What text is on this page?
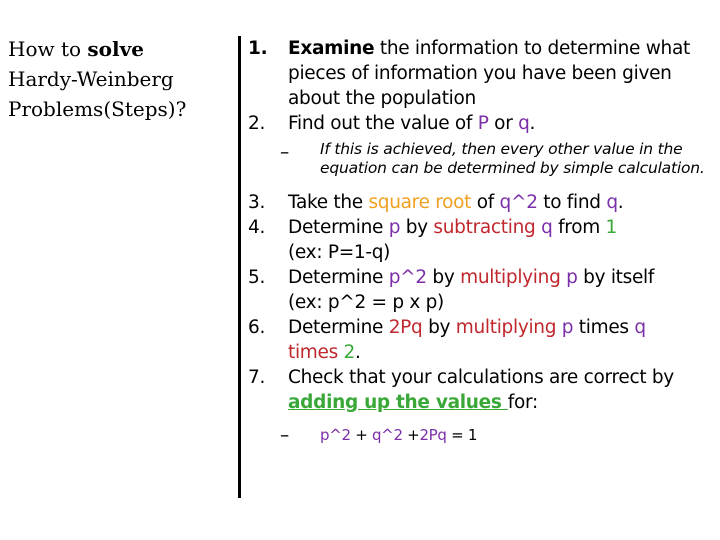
How to solve
Hardy-Weinberg
Problems(Steps)?
1.	Examine the information to determine what pieces of information you have been given about the population
2.	Find out the value of P or q.
–	If this is achieved, then every other value in the equation can be determined by simple calculation.
3.	Take the square root of q^2 to find q.
4.	Determine p by subtracting q from 1
(ex: P=1-q)
5.	Determine p^2 by multiplying p by itself
(ex: p^2 = p x p)
6.	Determine 2Pq by multiplying p times q
times 2.
7.	Check that your calculations are correct by adding up the values for:
–	p^2 + q^2 +2Pq = 1
